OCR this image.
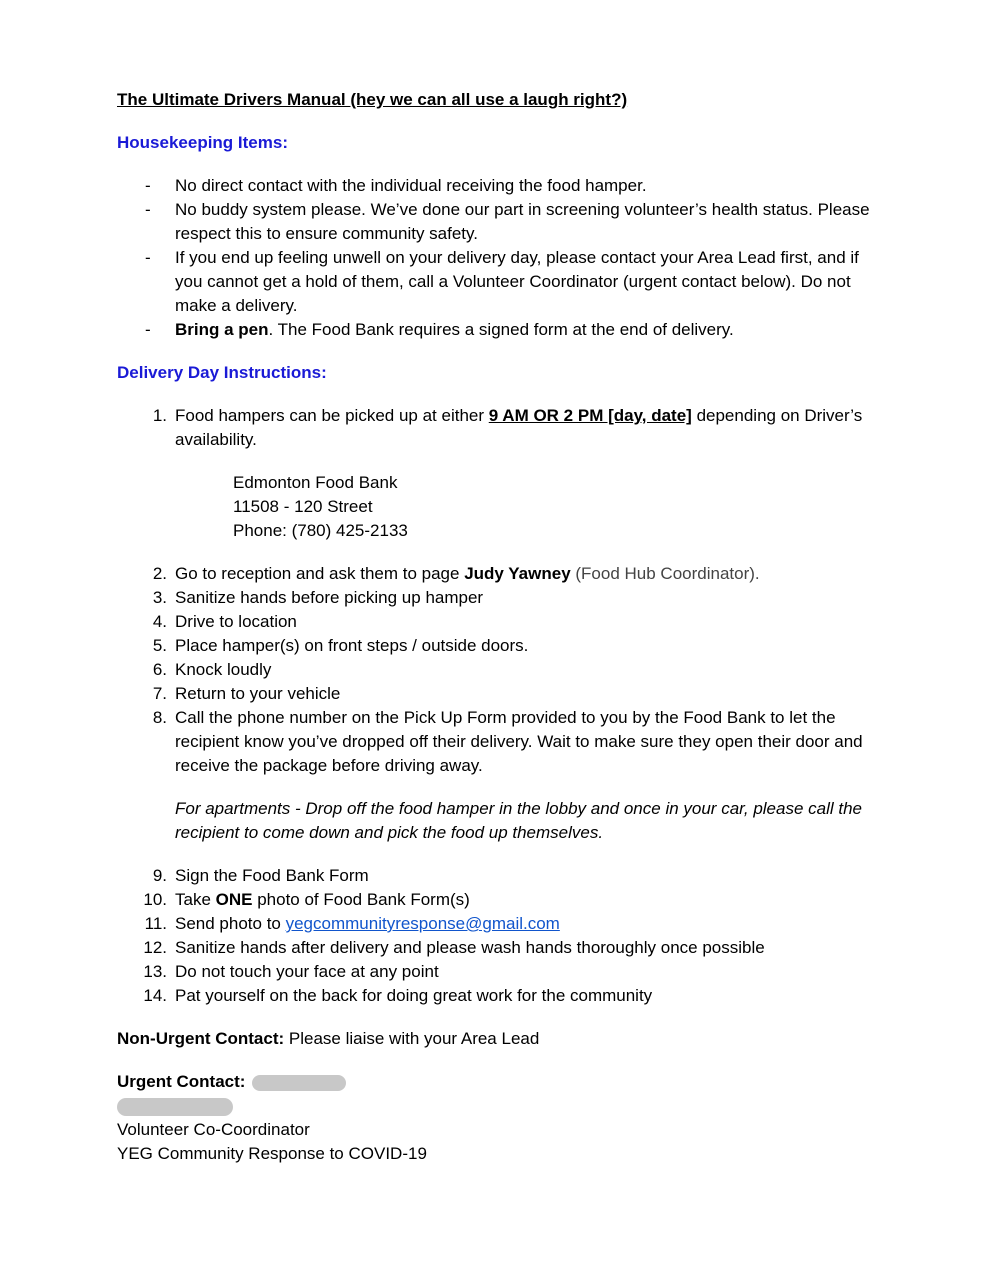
The Ultimate Drivers Manual (hey we can all use a laugh right?)

Housekeeping Items:
- No direct contact with the individual receiving the food hamper.
- No buddy system please. We’ve done our part in screening volunteer’s health status. Please respect this to ensure community safety.
- If you end up feeling unwell on your delivery day, please contact your Area Lead first, and if you cannot get a hold of them, call a Volunteer Coordinator (urgent contact below). Do not make a delivery.
- Bring a pen. The Food Bank requires a signed form at the end of delivery.
Delivery Day Instructions:
1. Food hampers can be picked up at either 9 AM OR 2 PM [day, date] depending on Driver’s availability.
Edmonton Food Bank
11508 - 120 Street
Phone: (780) 425-2133
2. Go to reception and ask them to page Judy Yawney (Food Hub Coordinator).
3. Sanitize hands before picking up hamper
4. Drive to location
5. Place hamper(s) on front steps / outside doors.
6. Knock loudly
7. Return to your vehicle
8. Call the phone number on the Pick Up Form provided to you by the Food Bank to let the recipient know you’ve dropped off their delivery. Wait to make sure they open their door and receive the package before driving away.
For apartments - Drop off the food hamper in the lobby and once in your car, please call the recipient to come down and pick the food up themselves.
9. Sign the Food Bank Form
10. Take ONE photo of Food Bank Form(s)
11. Send photo to yegcommunityresponse@gmail.com
12. Sanitize hands after delivery and please wash hands thoroughly once possible
13. Do not touch your face at any point
14. Pat yourself on the back for doing great work for the community

Non-Urgent Contact: Please liaise with your Area Lead

Urgent Contact:

Volunteer Co-Coordinator

YEG Community Response to COVID-19
